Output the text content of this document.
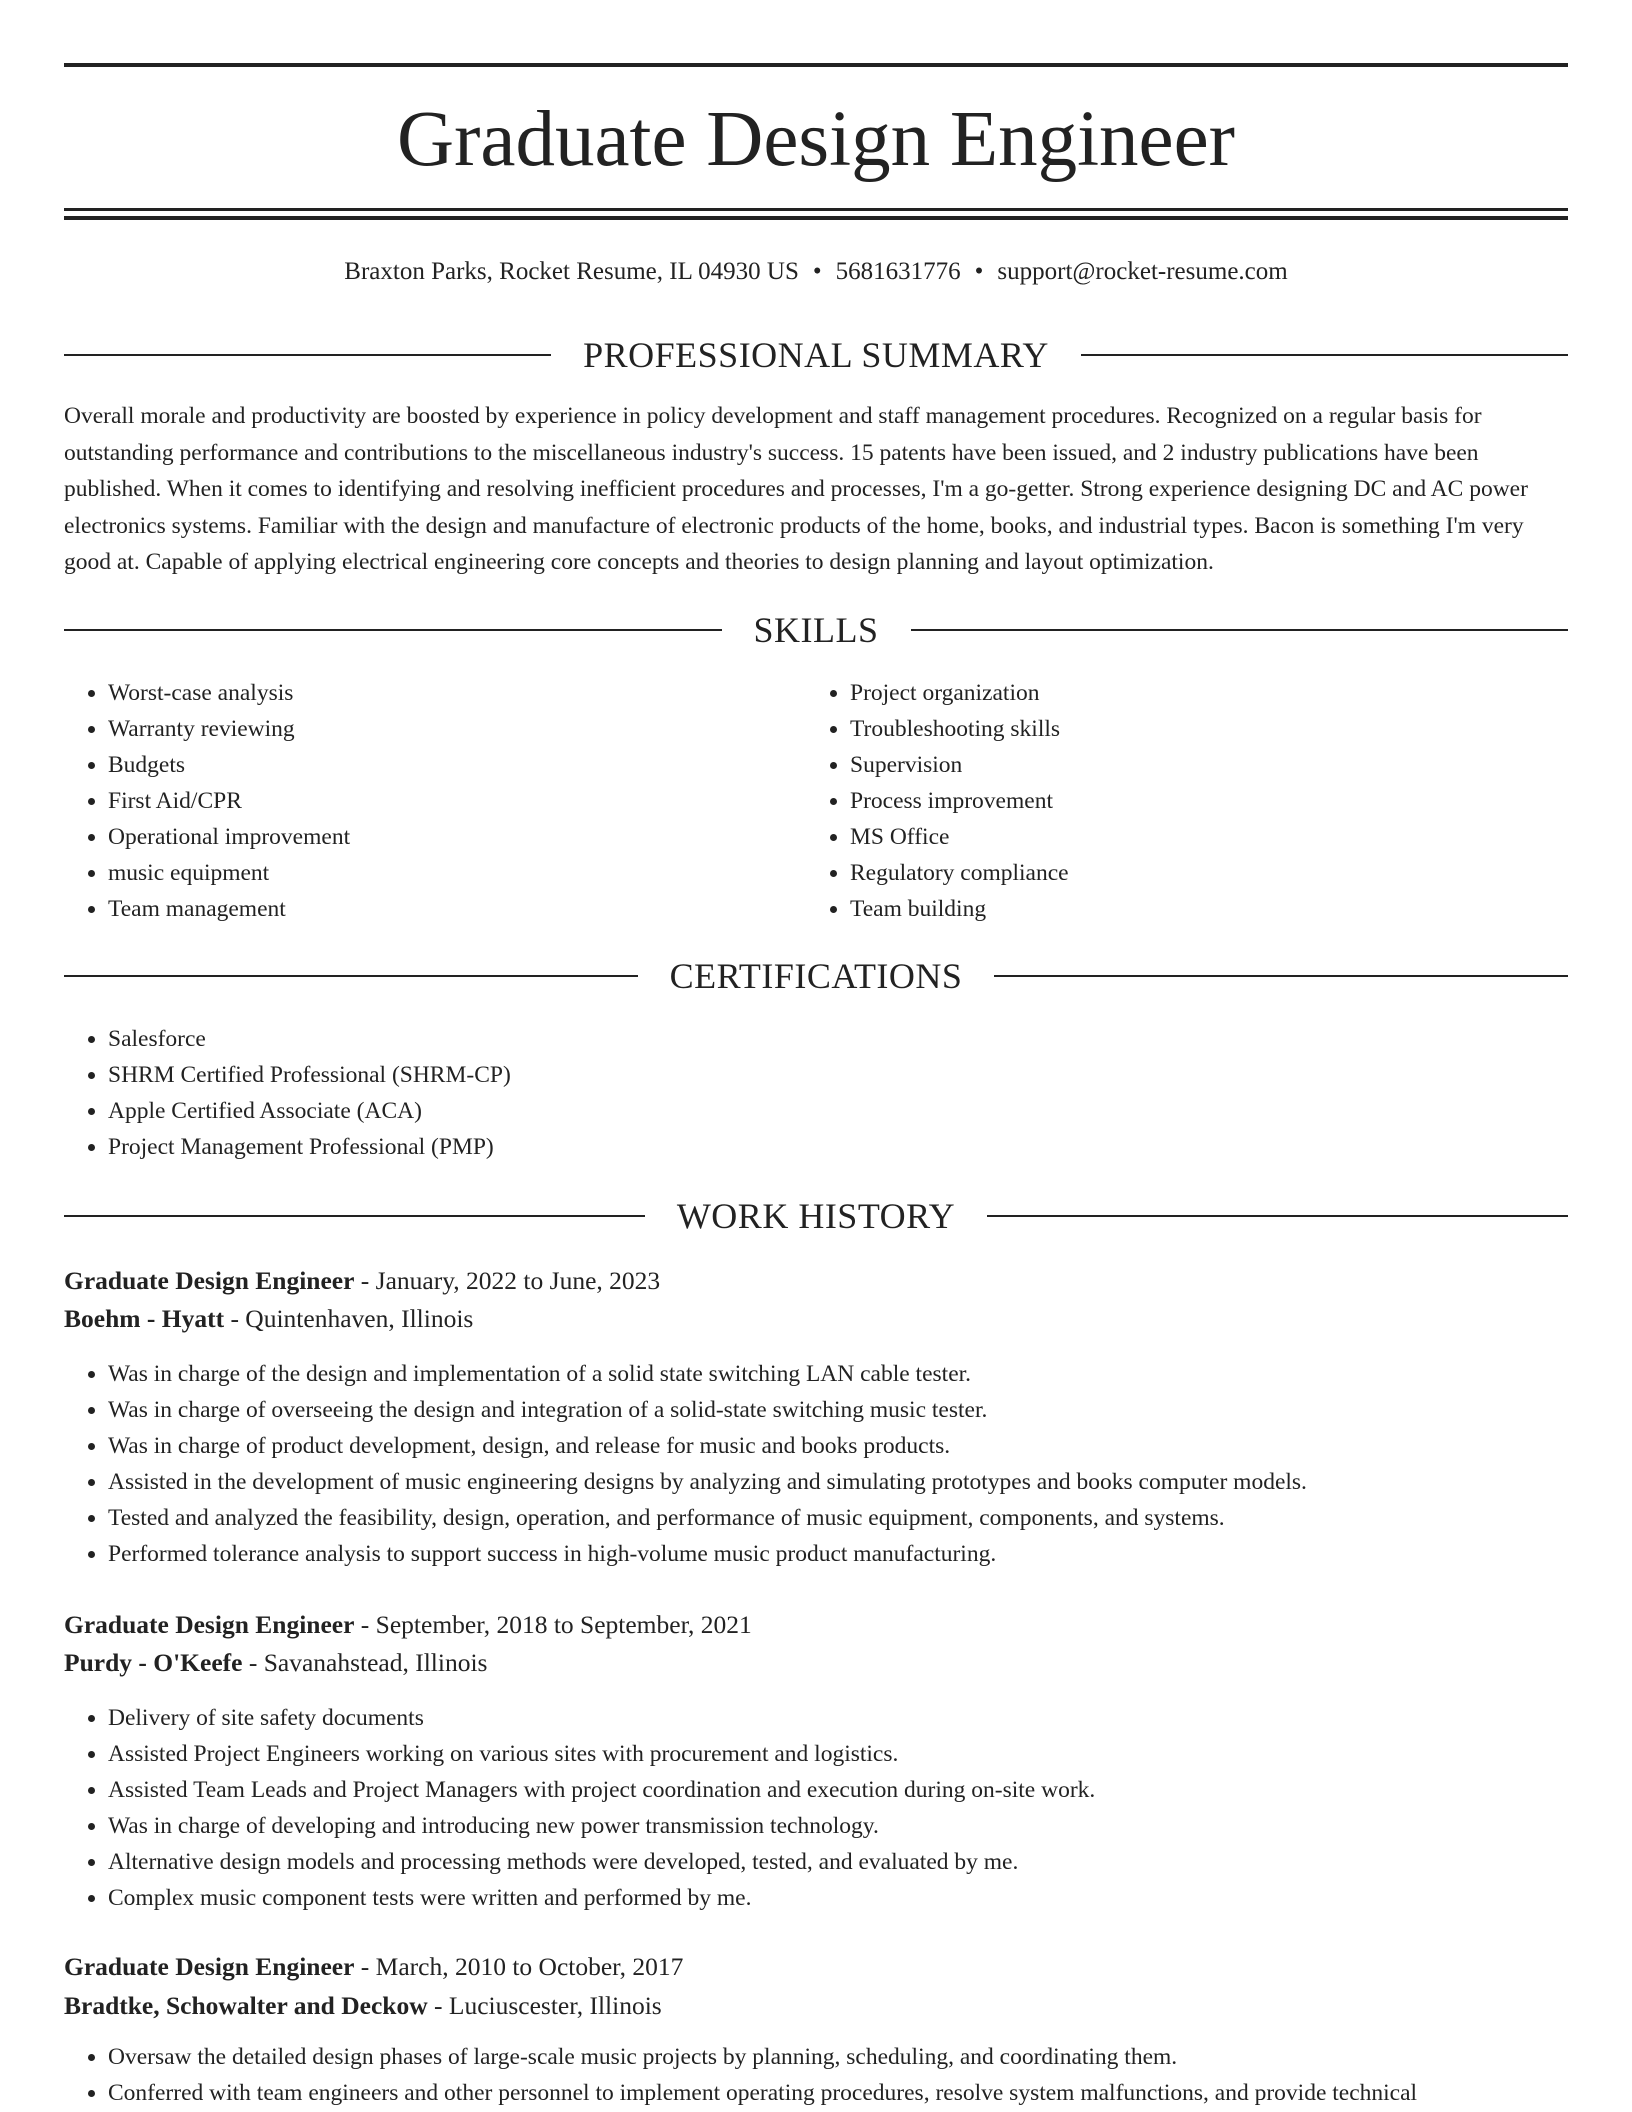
Graduate Design Engineer
Braxton Parks, Rocket Resume, IL 04930 US • 5681631776 • support@rocket-resume.com
PROFESSIONAL SUMMARY

Overall morale and productivity are boosted by experience in policy development and staff management procedures. Recognized on a regular basis for outstanding performance and contributions to the miscellaneous industry's success. 15 patents have been issued, and 2 industry publications have been published. When it comes to identifying and resolving inefficient procedures and processes, I'm a go-getter. Strong experience designing DC and AC power electronics systems. Familiar with the design and manufacture of electronic products of the home, books, and industrial types. Bacon is something I'm very good at. Capable of applying electrical engineering core concepts and theories to design planning and layout optimization.

SKILLS
• Worst-case analysis
• Warranty reviewing
• Budgets
• First Aid/CPR
• Operational improvement
• music equipment
• Team management
• Project organization
• Troubleshooting skills
• Supervision
• Process improvement
• MS Office
• Regulatory compliance
• Team building
CERTIFICATIONS
• Salesforce
• SHRM Certified Professional (SHRM-CP)
• Apple Certified Associate (ACA)
• Project Management Professional (PMP)
WORK HISTORY
Graduate Design Engineer - January, 2022 to June, 2023
Boehm - Hyatt - Quintenhaven, Illinois
• Was in charge of the design and implementation of a solid state switching LAN cable tester.
• Was in charge of overseeing the design and integration of a solid-state switching music tester.
• Was in charge of product development, design, and release for music and books products.
• Assisted in the development of music engineering designs by analyzing and simulating prototypes and books computer models.
• Tested and analyzed the feasibility, design, operation, and performance of music equipment, components, and systems.
• Performed tolerance analysis to support success in high-volume music product manufacturing.
Graduate Design Engineer - September, 2018 to September, 2021
Purdy - O'Keefe - Savanahstead, Illinois
• Delivery of site safety documents
• Assisted Project Engineers working on various sites with procurement and logistics.
• Assisted Team Leads and Project Managers with project coordination and execution during on-site work.
• Was in charge of developing and introducing new power transmission technology.
• Alternative design models and processing methods were developed, tested, and evaluated by me.
• Complex music component tests were written and performed by me.
Graduate Design Engineer - March, 2010 to October, 2017
Bradtke, Schowalter and Deckow - Luciuscester, Illinois
• Oversaw the detailed design phases of large-scale music projects by planning, scheduling, and coordinating them.
• Conferred with team engineers and other personnel to implement operating procedures, resolve system malfunctions, and provide technical
